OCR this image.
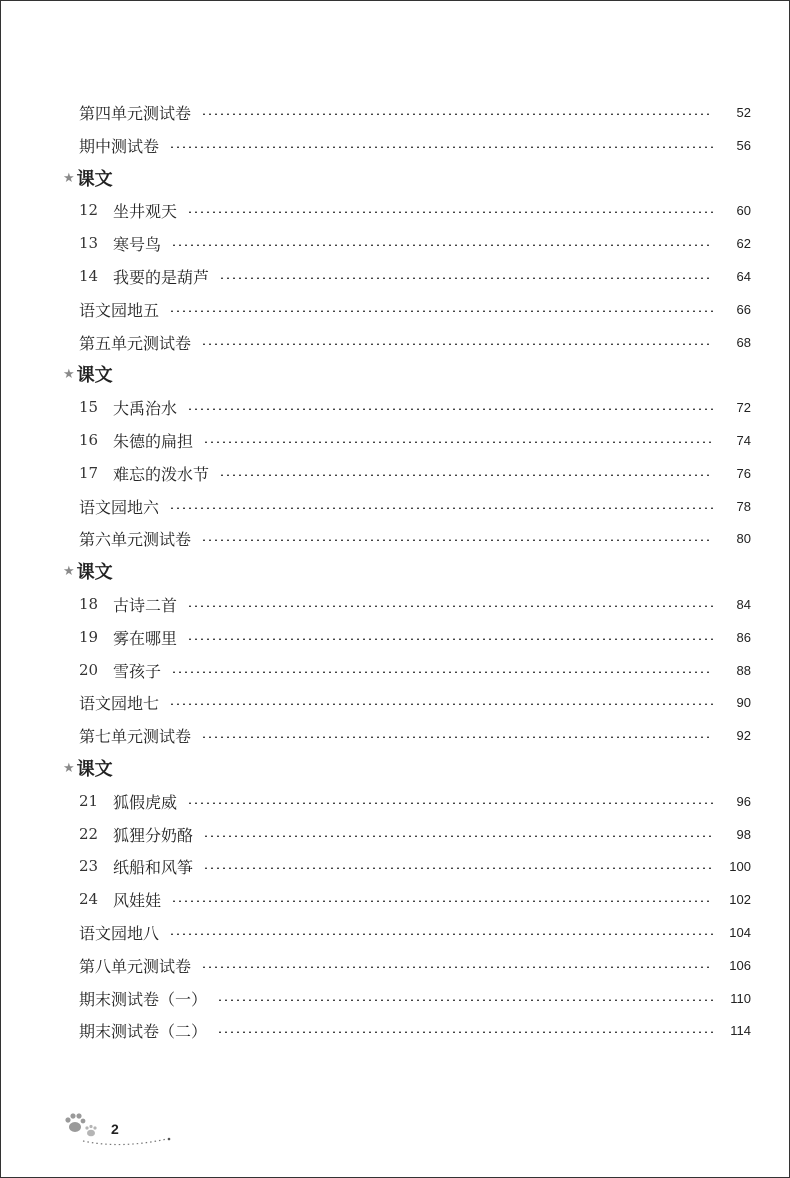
第四单元测试卷	52
期中测试卷	56
★ 课文
12 坐井观天	60
13 寒号鸟	62
14 我要的是葫芦	64
语文园地五	66
第五单元测试卷	68
★ 课文
15 大禹治水	72
16 朱德的扁担	74
17 难忘的泼水节	76
语文园地六	78
第六单元测试卷	80
★ 课文
18 古诗二首	84
19 雾在哪里	86
20 雪孩子	88
语文园地七	90
第七单元测试卷	92
★ 课文
21 狐假虎威	96
22 狐狸分奶酪	98
23 纸船和风筝	100
24 风娃娃	102
语文园地八	104
第八单元测试卷	106
期末测试卷（一）	110
期末测试卷（二）	114
2
